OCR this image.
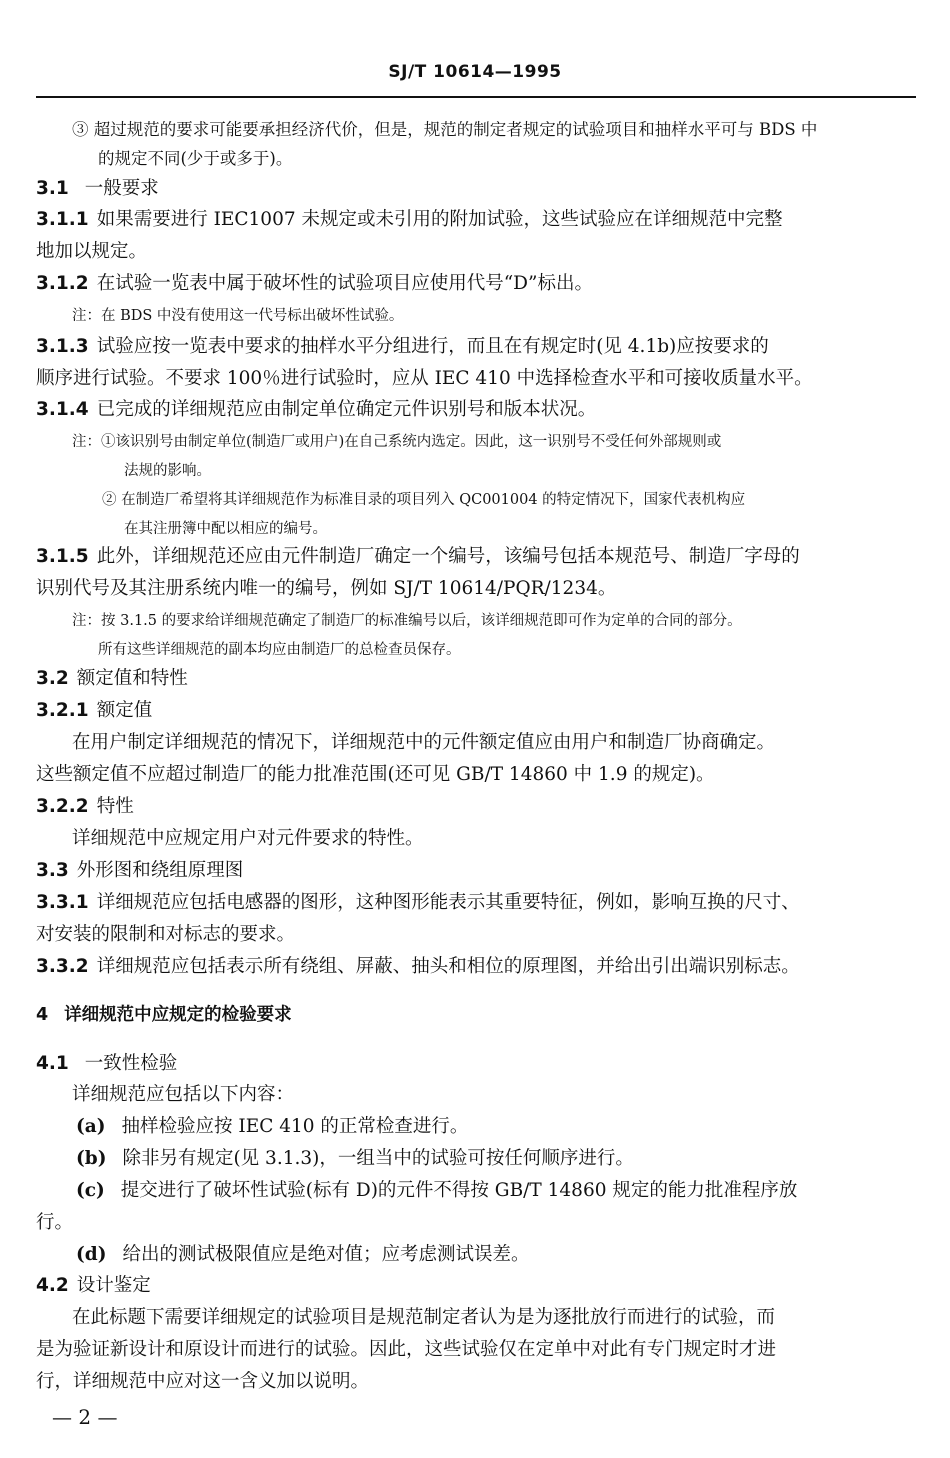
SJ/T 10614—1995
③ 超过规范的要求可能要承担经济代价，但是，规范的制定者规定的试验项目和抽样水平可与 BDS 中
的规定不同(少于或多于)。
3.1 一般要求
3.1.1 如果需要进行 IEC1007 未规定或未引用的附加试验，这些试验应在详细规范中完整
地加以规定。
3.1.2 在试验一览表中属于破坏性的试验项目应使用代号“D”标出。
注：在 BDS 中没有使用这一代号标出破坏性试验。
3.1.3 试验应按一览表中要求的抽样水平分组进行，而且在有规定时(见 4.1b)应按要求的
顺序进行试验。不要求 100％进行试验时，应从 IEC 410 中选择检查水平和可接收质量水平。
3.1.4 已完成的详细规范应由制定单位确定元件识别号和版本状况。
注：①该识别号由制定单位(制造厂或用户)在自己系统内选定。因此，这一识别号不受任何外部规则或
法规的影响。
② 在制造厂希望将其详细规范作为标准目录的项目列入 QC001004 的特定情况下，国家代表机构应
在其注册簿中配以相应的编号。
3.1.5 此外，详细规范还应由元件制造厂确定一个编号，该编号包括本规范号、制造厂字母的
识别代号及其注册系统内唯一的编号，例如 SJ/T 10614/PQR/1234。
注：按 3.1.5 的要求给详细规范确定了制造厂的标准编号以后，该详细规范即可作为定单的合同的部分。
所有这些详细规范的副本均应由制造厂的总检查员保存。
3.2 额定值和特性
3.2.1 额定值
在用户制定详细规范的情况下，详细规范中的元件额定值应由用户和制造厂协商确定。
这些额定值不应超过制造厂的能力批准范围(还可见 GB/T 14860 中 1.9 的规定)。
3.2.2 特性
详细规范中应规定用户对元件要求的特性。
3.3 外形图和绕组原理图
3.3.1 详细规范应包括电感器的图形，这种图形能表示其重要特征，例如，影响互换的尺寸、
对安装的限制和对标志的要求。
3.3.2 详细规范应包括表示所有绕组、屏蔽、抽头和相位的原理图，并给出引出端识别标志。
4 详细规范中应规定的检验要求
4.1 一致性检验
详细规范应包括以下内容：
(a) 抽样检验应按 IEC 410 的正常检查进行。
(b) 除非另有规定(见 3.1.3)，一组当中的试验可按任何顺序进行。
(c) 提交进行了破坏性试验(标有 D)的元件不得按 GB/T 14860 规定的能力批准程序放
行。
(d) 给出的测试极限值应是绝对值；应考虑测试误差。
4.2 设计鉴定
在此标题下需要详细规定的试验项目是规范制定者认为是为逐批放行而进行的试验，而
是为验证新设计和原设计而进行的试验。因此，这些试验仅在定单中对此有专门规定时才进
行，详细规范中应对这一含义加以说明。
— 2 —
